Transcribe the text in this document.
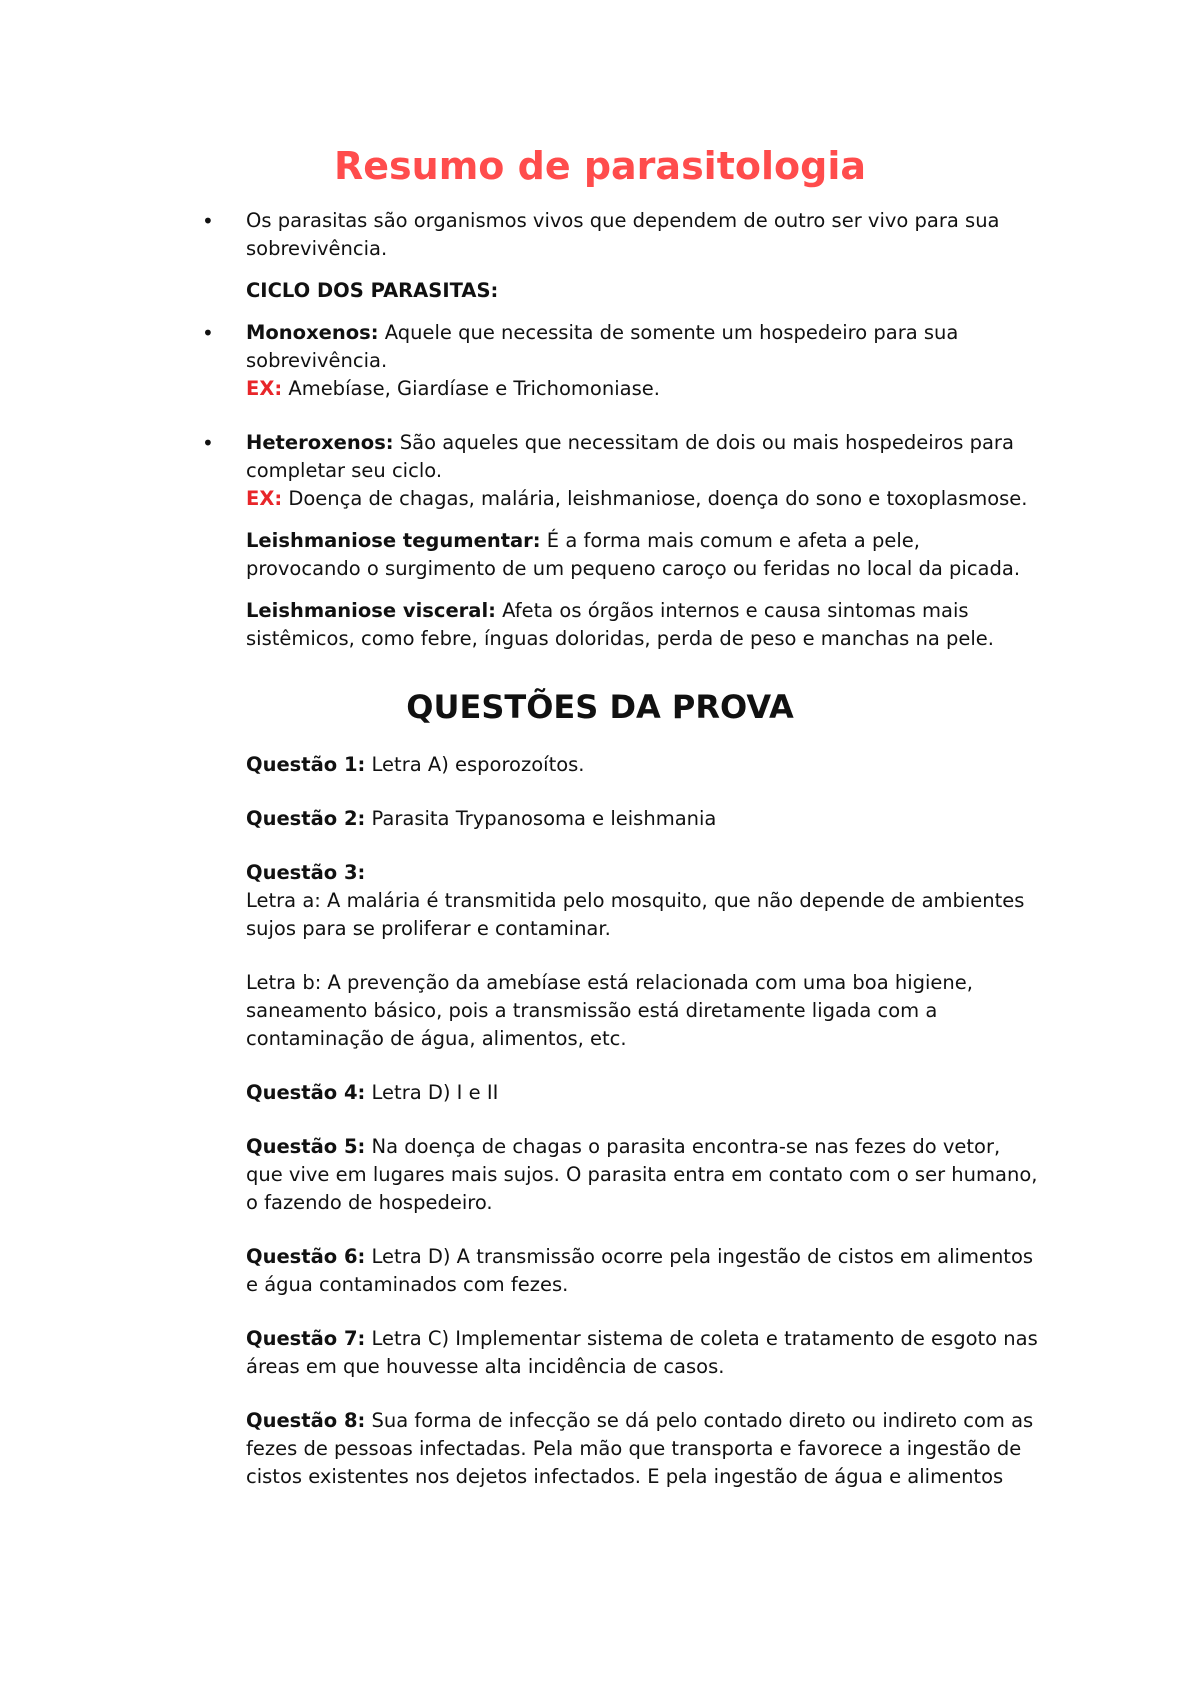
Resumo de parasitologia
• Os parasitas são organismos vivos que dependem de outro ser vivo para sua sobrevivência.

CICLO DOS PARASITAS:

• Monoxenos: Aquele que necessita de somente um hospedeiro para sua sobrevivência.

EX: Amebíase, Giardíase e Trichomoniase.

• Heteroxenos: São aqueles que necessitam de dois ou mais hospedeiros para completar seu ciclo.

EX: Doença de chagas, malária, leishmaniose, doença do sono e toxoplasmose.

Leishmaniose tegumentar: É a forma mais comum e afeta a pele, provocando o surgimento de um pequeno caroço ou feridas no local da picada.

Leishmaniose visceral: Afeta os órgãos internos e causa sintomas mais sistêmicos, como febre, ínguas doloridas, perda de peso e manchas na pele.

QUESTÕES DA PROVA

Questão 1: Letra A) esporozoítos.

Questão 2: Parasita Trypanosoma e leishmania

Questão 3:

Letra a: A malária é transmitida pelo mosquito, que não depende de ambientes sujos para se proliferar e contaminar.

Letra b: A prevenção da amebíase está relacionada com uma boa higiene, saneamento básico, pois a transmissão está diretamente ligada com a contaminação de água, alimentos, etc.

Questão 4: Letra D) I e II

Questão 5: Na doença de chagas o parasita encontra-se nas fezes do vetor, que vive em lugares mais sujos. O parasita entra em contato com o ser humano, o fazendo de hospedeiro.

Questão 6: Letra D) A transmissão ocorre pela ingestão de cistos em alimentos e água contaminados com fezes.

Questão 7: Letra C) Implementar sistema de coleta e tratamento de esgoto nas áreas em que houvesse alta incidência de casos.

Questão 8: Sua forma de infecção se dá pelo contado direto ou indireto com as fezes de pessoas infectadas. Pela mão que transporta e favorece a ingestão de cistos existentes nos dejetos infectados. E pela ingestão de água e alimentos
